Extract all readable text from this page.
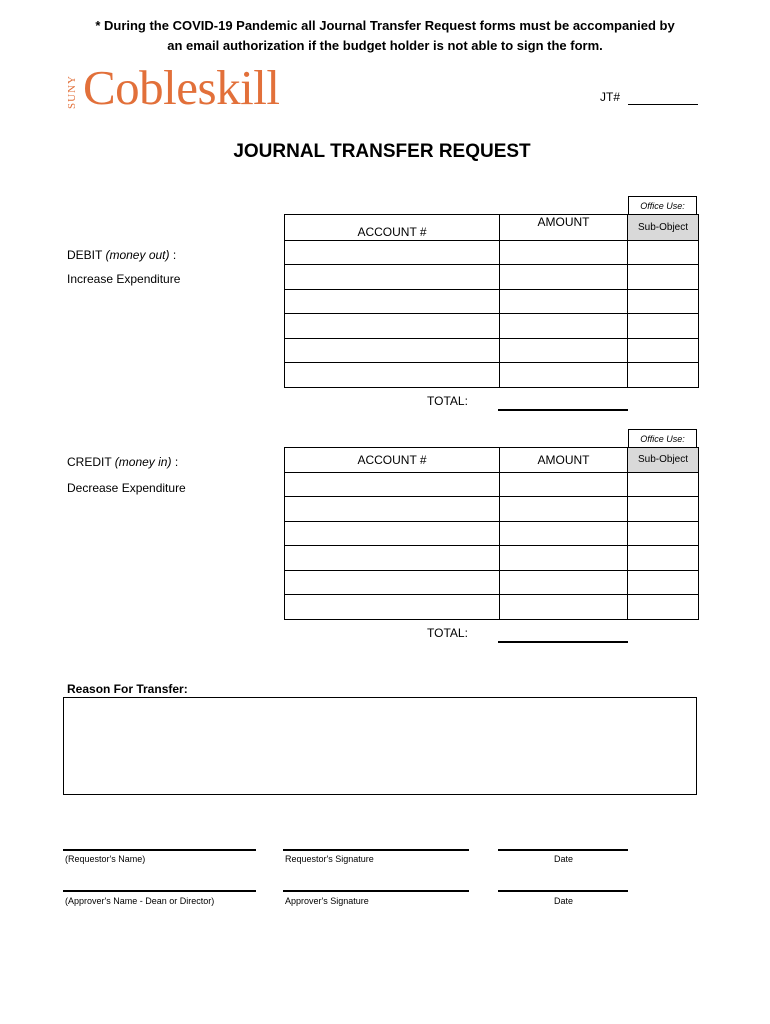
* During the COVID-19 Pandemic all Journal Transfer Request forms must be accompanied by
an email authorization if the budget holder is not able to sign the form.
SUNY Cobleskill	JT#
JOURNAL TRANSFER REQUEST
Office Use:
ACCOUNT #	AMOUNT	Sub-Object

DEBIT (money out) :
Increase Expenditure
TOTAL:
Office Use:
ACCOUNT #	AMOUNT	Sub-Object

CREDIT (money in) :
Decrease Expenditure
TOTAL:
Reason For Transfer:
(Requestor's Name)	Requestor's Signature	Date
(Approver's Name - Dean or Director)	Approver's Signature	Date
